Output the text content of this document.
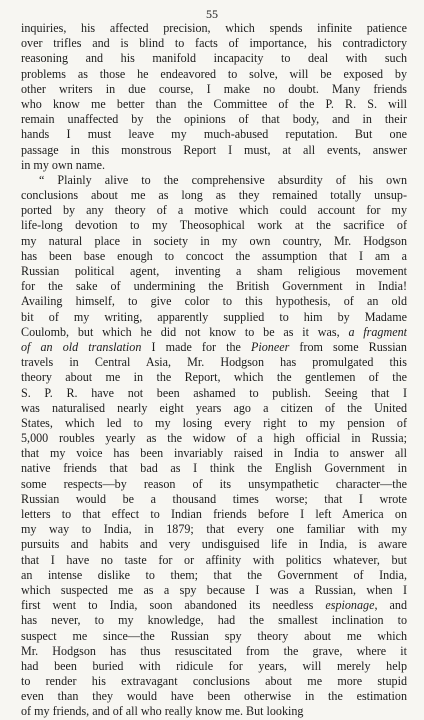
55
inquiries, his affected precision, which spends infinite patience
over trifles and is blind to facts of importance, his contradictory
reasoning and his manifold incapacity to deal with such
problems as those he endeavored to solve, will be exposed by
other writers in due course, I make no doubt. Many friends
who know me better than the Committee of the P. R. S. will
remain unaffected by the opinions of that body, and in their
hands I must leave my much-abused reputation. But one
passage in this monstrous Report I must, at all events, answer
in my own name.
“ Plainly alive to the comprehensive absurdity of his own
conclusions about me as long as they remained totally unsup-
ported by any theory of a motive which could account for my
life-long devotion to my Theosophical work at the sacrifice of
my natural place in society in my own country, Mr. Hodgson
has been base enough to concoct the assumption that I am a
Russian political agent, inventing a sham religious movement
for the sake of undermining the British Government in India!
Availing himself, to give color to this hypothesis, of an old
bit of my writing, apparently supplied to him by Madame
Coulomb, but which he did not know to be as it was, a fragment
of an old translation I made for the Pioneer from some Russian
travels in Central Asia, Mr. Hodgson has promulgated this
theory about me in the Report, which the gentlemen of the
S. P. R. have not been ashamed to publish. Seeing that I
was naturalised nearly eight years ago a citizen of the United
States, which led to my losing every right to my pension of
5,000 roubles yearly as the widow of a high official in Russia;
that my voice has been invariably raised in India to answer all
native friends that bad as I think the English Government in
some respects—by reason of its unsympathetic character—the
Russian would be a thousand times worse; that I wrote
letters to that effect to Indian friends before I left America on
my way to India, in 1879; that every one familiar with my
pursuits and habits and very undisguised life in India, is aware
that I have no taste for or affinity with politics whatever, but
an intense dislike to them; that the Government of India,
which suspected me as a spy because I was a Russian, when I
first went to India, soon abandoned its needless espionage, and
has never, to my knowledge, had the smallest inclination to
suspect me since—the Russian spy theory about me which
Mr. Hodgson has thus resuscitated from the grave, where it
had been buried with ridicule for years, will merely help
to render his extravagant conclusions about me more stupid
even than they would have been otherwise in the estimation
of my friends, and of all who really know me. But looking
